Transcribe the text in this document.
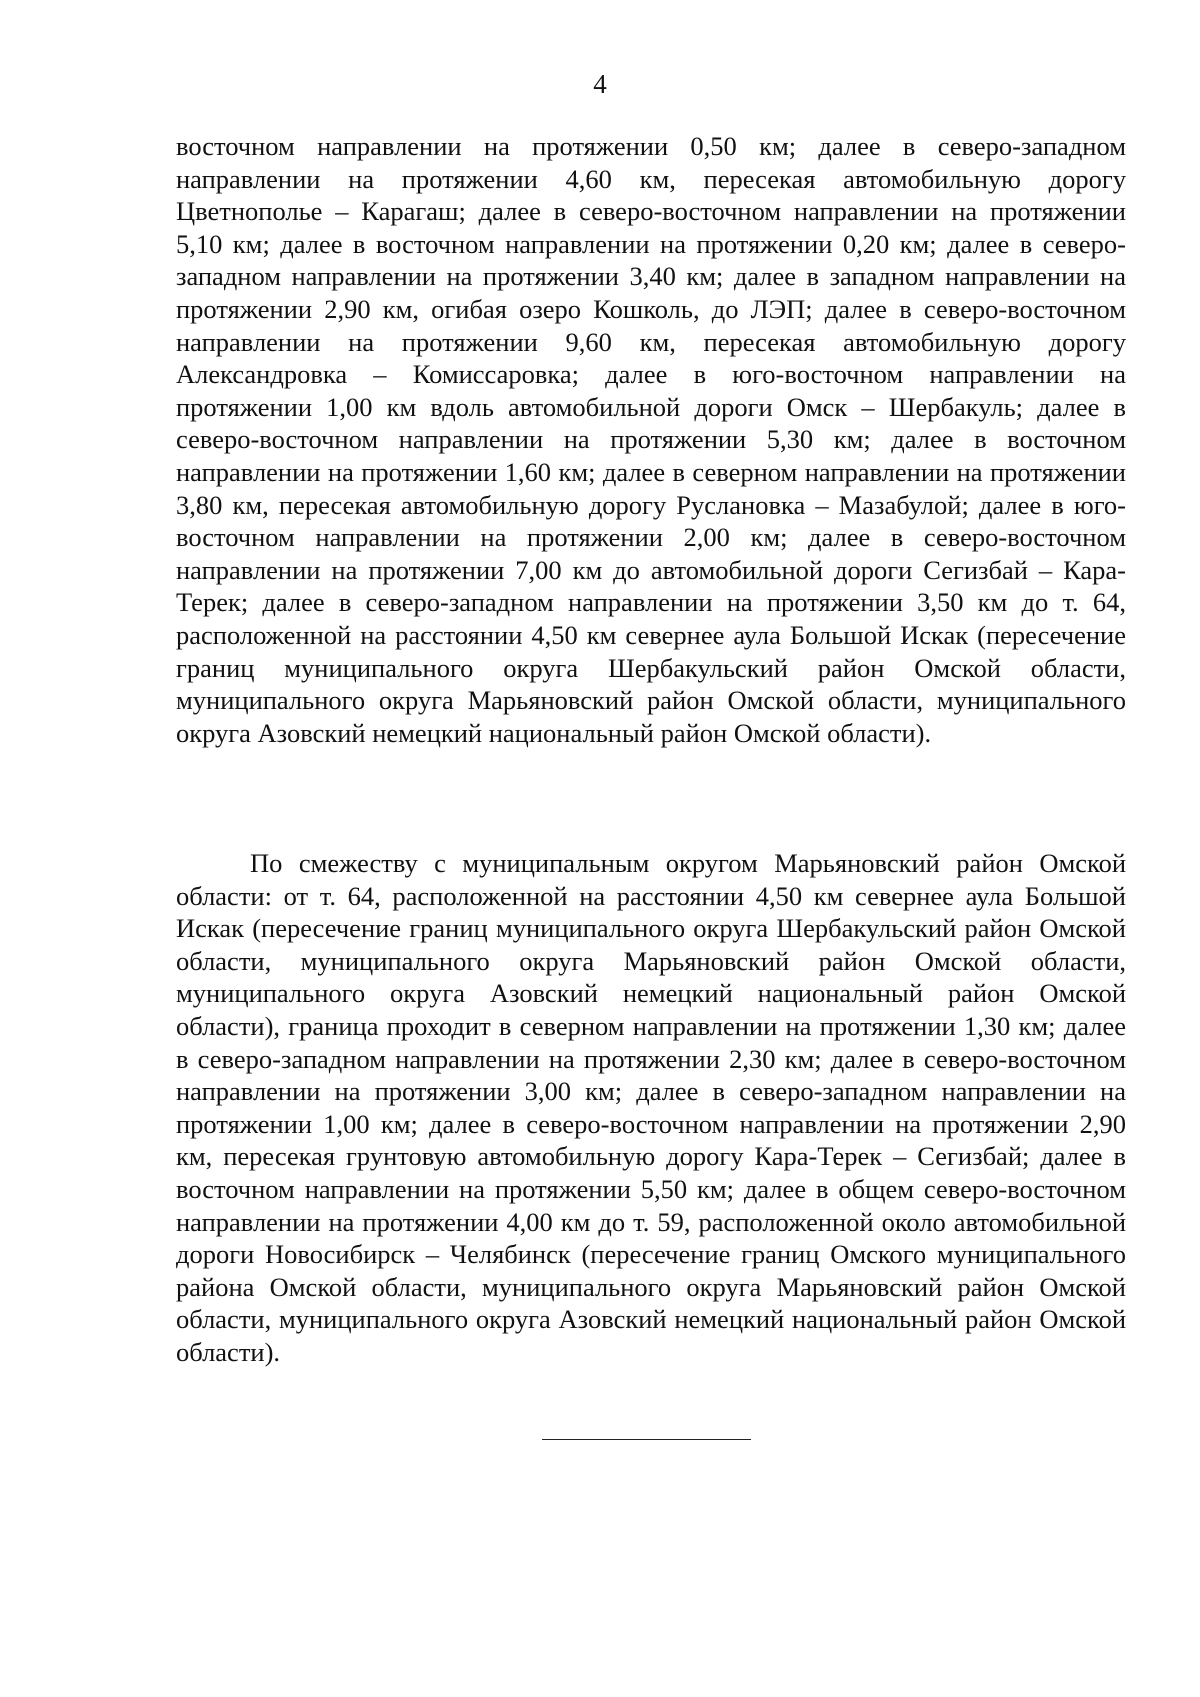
4

восточном направлении на протяжении 0,50 км; далее в северо-западном направлении на протяжении 4,60 км, пересекая автомобильную дорогу Цветнополье – Карагаш; далее в северо-восточном направлении на протяжении 5,10 км; далее в восточном направлении на протяжении 0,20 км; далее в северо-западном направлении на протяжении 3,40 км; далее в западном направлении на протяжении 2,90 км, огибая озеро Кошколь, до ЛЭП; далее в северо-восточном направлении на протяжении 9,60 км, пересекая автомобильную дорогу Александровка – Комиссаровка; далее в юго-восточном направлении на протяжении 1,00 км вдоль автомобильной дороги Омск – Шербакуль; далее в северо-восточном направлении на протяжении 5,30 км; далее в восточном направлении на протяжении 1,60 км; далее в северном направлении на протяжении 3,80 км, пересекая автомобильную дорогу Руслановка – Мазабулой; далее в юго-восточном направлении на протяжении 2,00 км; далее в северо-восточном направлении на протяжении 7,00 км до автомобильной дороги Сегизбай – Кара-Терек; далее в северо-западном направлении на протяжении 3,50 км до т. 64, расположенной на расстоянии 4,50 км севернее аула Большой Искак (пересечение границ муниципального округа Шербакульский район Омской области, муниципального округа Марьяновский район Омской области, муниципального округа Азовский немецкий национальный район Омской области).

По смежеству с муниципальным округом Марьяновский район Омской области: от т. 64, расположенной на расстоянии 4,50 км севернее аула Большой Искак (пересечение границ муниципального округа Шербакульский район Омской области, муниципального округа Марьяновский район Омской области, муниципального округа Азовский немецкий национальный район Омской области), граница проходит в северном направлении на протяжении 1,30 км; далее в северо-западном направлении на протяжении 2,30 км; далее в северо-восточном направлении на протяжении 3,00 км; далее в северо-западном направлении на протяжении 1,00 км; далее в северо-восточном направлении на протяжении 2,90 км, пересекая грунтовую автомобильную дорогу Кара-Терек – Сегизбай; далее в восточном направлении на протяжении 5,50 км; далее в общем северо-восточном направлении на протяжении 4,00 км до т. 59, расположенной около автомобильной дороги Новосибирск – Челябинск (пересечение границ Омского муниципального района Омской области, муниципального округа Марьяновский район Омской области, муниципального округа Азовский немецкий национальный район Омской области).
